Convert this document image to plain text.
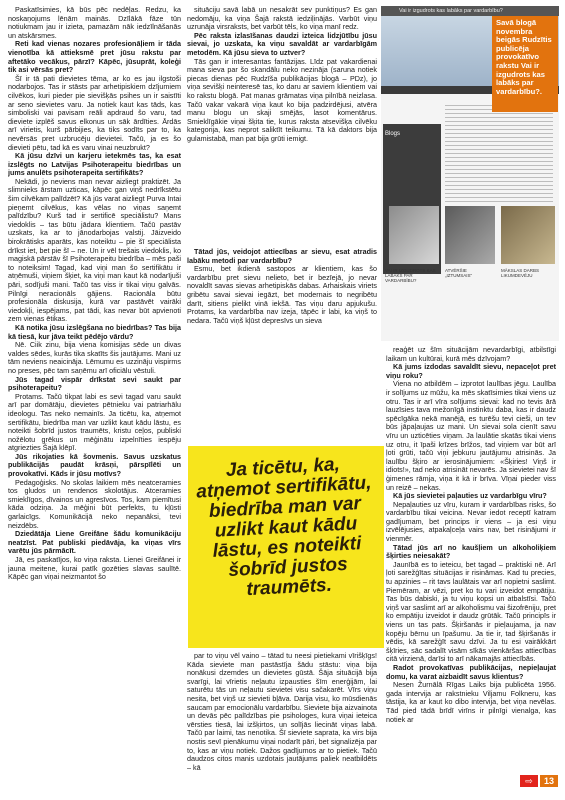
Paskatīsimies, kā būs pēc nedēļas. Redzu, ka noskaņojums lēnām mainās. Dzīlākā fāze tūn notiukmam jau ir izieta, pamazām nāk iedzīlnāšanās un atskārsmes.

Reti kad vienas nozares profesionāļiem ir tāda vienotība kā attieksmē pret jūsu rakstu par aftetāko vecākus, pārzī? Kāpēc, jūsuprāt, koleģi tik asi vērsās pret?

Šī ir tā pati dievietes tēma, ar ko es jau ilgstoši nodarbojos. Tas ir stāsts par arhetipiskiem dzījumiem cilvēkos, kuri pieder pie sievišķās psihes un ir saistīti ar seno sievietes varu. Ja notiek kaut kas tāds, kas simboliski vai pavisam reāli apdraud šo varu, tad dieviete izplēš savus elkonus un sāk ārdīties. Ārdās arī virietis, kurš pārbijies, ka tiks sodīts par to, ka nevērsās pret uzbrucēju dievietei. Tačū, ja es šo dievieti pētu, tad kā es varu vinai neuzbrukt?

Kā jūsu dzīvi un karjeru ietekmēs tas, ka esat izslēgts no Latvijas Psihoterapeitu biedrības un jums anulēts psihoterapeita sertifikāts?

Nekādi, jo neviens man nevar aizliegt praktizēt. Ja slimnieks ārstam uzticas, kāpēc gan viņš nedrīkstētu šim cilvēkam palīdzēt? Kā jūs varat aizliegt Purva Intai pieņemt cilvēkus, kas vēlas no viņas saņemt palīdzību? Kurš tad ir sertificē speciālistu? Mans viedoklis – tas būtu jādara klientiem. Tačū pastāv uzskats, ka ar to jānodarbojas valstij. Jāizveido birokrātisks aparāts, kas noteiktu – pie šī speciālista drīkst iet, bet pie šī – ne. Un ir vēl trešais viedoklis, ko magiskā pārstāv šī Psihoterapeitu biedrība – mēs paši to noteiksim! Tagad, kad viņi man šo sertifikātu ir atņēmuši, viņiem šķiet, ka viņi man kaut kā nodarījuši pāri, sodījuši mani. Tačū tas viss ir tikai viņu galvās. Pilnīgi neracionāls gājiens. Racionāla būtu profesionāla diskusija, kurā var pastāvēt vairāki viedokļi, iespējams, pat tādi, kas nevar būt apvienoti zem vienas ētikas.

Kā notika jūsu izslēgšana no biedrības? Tas bija kā tiesā, kur jāva teikt pēdējo vārdu?

Nē. Ciik zinu, bija viena komisijas sēde un divas valdes sēdes, kurās tika skatīts šis jautājums. Mani uz tām neviens neaicināja. Lēmumu es uzzināju vispirms no preses, pēc tam saņēmu arī oficiālu vēstuli.

Jūs tagad vispār drīkstat sevi saukt par psihoterapeitu?

Protams. Tačū tikpat labi es sevi tagad varu saukt arī par domātāju, dievietes pētnieku vai patriarhālu ideologu. Tas neko nemainīs. Ja ticētu, ka, atņemot sertifikātu, biedrība man var uzlikt kaut kādu lāstu, es noteikti šobrīd justos traumēts, kristu ceļos, publiski nožēlotu grēkus un mēģinātu izpelnīties iespēju atgriezties Šajā klēpī.

Jūs rikojaties kā šovmenis. Savus uzskatus publikācijās paudāt krāsņi, pārspīlēti un provokatīvi. Kāds ir jūsu motīvs?

Pedagoģisks. No skolas laikiem mēs neatceramies tos gludos un rendenos skolotājus. Atceramies smieklīgos, dīvainos un agresīvos. Tos, kam piemītusi kāda odziņa. Ja mēģini būt perfekts, tu kļūsti garlaicīgs. Komunikācijā neko nepanāksi, tevi neizdēbs.

Dziedātāja Liene Greifāne šādu komunikāciju neatzīst. Pat publiski piedāvāja, ka viņas vīrs varētu jūs pārmācīt.

Jā, es paskatījos, ko viņa raksta. Lienei Greifānei ir jauna meitene, kurai patīk gozēties slavas saulītē. Kāpēc gan viņai neizmantot šo

situāciju savā labā un nesakrāt sev punktiņus? Es gan nedomāju, ka viņa Šajā rakstā iedziļinājās. Varbūt viņu uzrunāja virsraksts, bet varbūt tēls, ko viņa manī redz.

Pēc raksta izlasīšanas daudzi izteica lidzjūtību jūsu sievai, jo uzskata, ka viņu savaldāt ar vardarbīgām metodēm. Kā jūsu sieva to uztver?

Tās gan ir interesantas fantāzijas. Līdz pat vakardienai mana sieva par šo skandālu neko nezināja (saruna notiek piecas dienas pēc Rudzīša publikācijas blogā – PDz), jo viņa sevišķi neinteresē tas, ko daru ar saviem klientiem vai ko rakstu blogā. Pat manas grāmatas viņa pilnībā neizlasa. Tačū vakar vakarā viņa kaut ko bija padzirdējusi, atvēra manu blogu un skaji smējās, lasot komentārus. Smieklīgākie viņai šķita tie, kurus raksta atsevišķa cilvēku kategorija, kas neprot saliktīt teikumu. Tā kā daktors bija gulamistabā, man pat bija grūti iemigt.

Tātad jūs, veidojot attiecības ar sievu, esat atradis labāku metodi par vardarbību?

Esmu, bet ikdienā sastopos ar klientiem, kas šo vardarbību pret sievu nelieto, bet ir bezīejā, jo nevar novaldīt savas sievas arhetipiskās dabas. Arhaiskais viriets gribētu savai sievai iegāzt, bet modernais to negribētu darīt, sitiens pielikt vinā iekšā. Tas viņu daru apjukušu. Protams, ka vardarbība nav izeja, tāpēc ir labi, ka viņš to nedara. Tačū viņš kļūst depresīvs un sieva

par to viņu vēl vaino – tātad tu neesi pietiekami vīrišķīgs! Kāda sieviete man pastāstīja šādu stāstu: viņa bija nonākusi dzemdes un dievietes gūstā. Šāja situācijā bija svarīgi, lai vīrietis neļautu izpausties šīm enerģijām, lai saturētu tās un neļautu sievietei visu sačakarēt. Vīrs viņu nesita, bet viņš uz sievieti bļāva. Darija visu, ko mūsdienās saucam par emocionālu vardarbību. Sieviete bija aizvainota un devās pēc palīdzības pie psihologes, kura viņai ieteica vērsties tiesā, lai izšķirtos, un solījās liecināt viņas labā. Tačū par laimi, tas nenotika. Šī sieviete saprata, ka virs bija nostis sevī pienākumu viņai nodarīt pāri, bet signalizēja par to, kas ar viņu notiek. Dažos gadījumos ar to pietiek. Tačū daudzos citos manis uzdotais jautājums paliek neatbildēts – kā

reaģēt uz šīm situācijām nevardarbīgi, atbilstīgi laikam un kultūrai, kurā mēs dzīvojam?

Kā jums izdodas savaldīt sievu, nepaceļot pret viņu roku?

Viena no atbildēm – izprotot laulības jēgu. Laulība ir solījums uz mūžu, ka mēs skatīsimies tikai viens uz otru. Tas ir arī vīra solījums sievai: kad no tevis ārā lauzīsies tava mežonīgā instinktu daba, kas ir daudz spēcīgāka nekā manējā, es turēšu tevi cieši, un tev būs jāpaļaujas uz mani. Un sievai sola cienīt savu vīru un uzticēties viņam. Ja laulātie skatās tikai viens uz otru, it īpaši krīzes brīžos, tad viņiem var būt arī ļoti grūti, tačū viņi jebkuru jautājumu atrisinās. Ja laulību šķiro ar ierosinājumiem: «Šķiries! Viņš ir idiots!», tad neko atrisināt nevarēs. Ja sievietei nav šī ģimenes rāmja, viņa it kā ir brīva. Vīņai pieder viss un reizē – nekas.

Kā jūs sievietei paļauties uz vardarbīgu vīru?

Nepaļauties uz vīru, kuram ir vardarbības risks, šo vardarbību tikai veicina. Nevar iedot receptī katram gadījumam, bet princips ir viens – ja esi viņu izvēlējusies, atpakaļceļa vairs nav, bet risinājumi ir vienmēr.

Tātad jūs arī no kaušļiem un alkoholiķiem šķirties neiesakāt?

Jaunībā es to ieteicu, bet tagad – praktiski nē. Arī ļoti sarežģītas situācijas ir risināmas. Kad tu precies, tu apzinies – rit tavs laulātais var arī nopietni saslimt. Piemēram, ar vēzi, pret ko tu vari izveidot empātiju. Tas būs dabiski, ja tu viņu kopsi un atbalstīsi. Tačū viņš var saslimt arī ar alkoholismu vai šizofrēniju, pret ko empātiju izveidot ir daudz grūtāk. Tačū principīs ir viens un tas pats. Šķiršanās ir pieļaujama, ja nav kopēju bērnu un īpašumu. Ja tie ir, tad šķiršanās ir vēdis, kā sarežģīt savu dzīvi. Ja tu esi vairākkārt šķīries, sāc sadalīt visām sīkās vienkāršas attiecības citā virzienā, darīsi to arī nākamajās attiecībās.

Radot provokatīvas publikācijas, nepieļaujat domu, ka varat aizbaidīt savus klientus?

Nesen Žurnālā Rīgas Laiks bija publicēta 1956. gada intervija ar rakstnieku Viljamu Folkneru, kas tāstija, ka ar kaut ko dibo intervija, bet viņa nevēlas. Tād pied tādā brīdī virīns ir pilnīgi vienalga, kas notiek ar

Vai ir izgudrots kas labāks par vardarbību?
Blogs
VAI IR IZGUDROTS KAS LABĀKS PAR VARDARBĪBU?
ATVĒRŠIE „IZTUMSAIS”
MĀKSLAS DARBS LIKUMDEVĒJU
Savā blogā novembra beigās Rudzītis publicēja provokatīvo rakstu Vai ir izgudrots kas labāks par vardarbību?.
Ja ticētu, ka, atņemot sertifikātu, biedrība man var uzlikt kaut kādu lāstu, es noteikti šobrīd justos traumēts.
⇨	13
